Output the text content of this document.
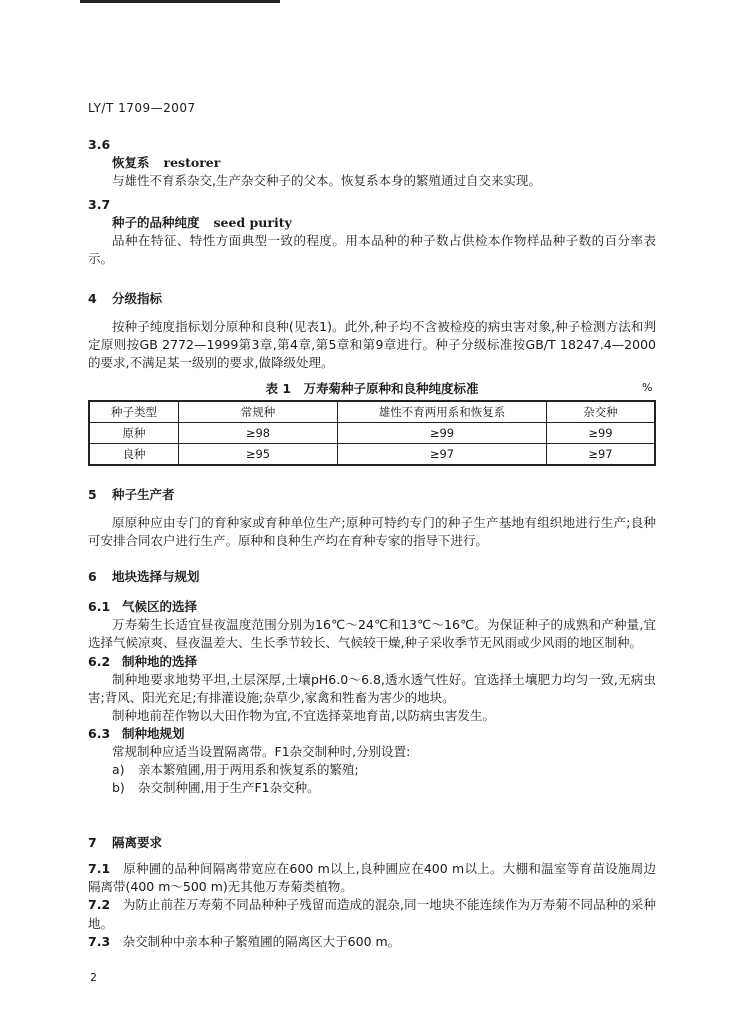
LY/T 1709—2007
3.6
恢复系 restorer

与雄性不育系杂交,生产杂交种子的父本。恢复系本身的繁殖通过自交来实现。

3.7
种子的品种纯度 seed purity

品种在特征、特性方面典型一致的程度。用本品种的种子数占供检本作物样品种子数的百分率表示。

4 分级指标

按种子纯度指标划分原种和良种(见表1)。此外,种子均不含被检疫的病虫害对象,种子检测方法和判定原则按GB 2772—1999第3章,第4章,第5章和第9章进行。种子分级标准按GB/T 18247.4—2000的要求,不满足某一级别的要求,做降级处理。

表 1　万寿菊种子原种和良种纯度标准	%
种子类型	常规种	雄性不育两用系和恢复系	杂交种
原种	≥98	≥99	≥99
良种	≥95	≥97	≥97
5 种子生产者

原原种应由专门的育种家或育种单位生产;原种可特约专门的种子生产基地有组织地进行生产;良种可安排合同农户进行生产。原种和良种生产均在育种专家的指导下进行。

6 地块选择与规划
6.1 气候区的选择

万寿菊生长适宜昼夜温度范围分别为16℃～24℃和13℃～16℃。为保证种子的成熟和产种量,宜选择气候凉爽、昼夜温差大、生长季节较长、气候较干燥,种子采收季节无风雨或少风雨的地区制种。

6.2 制种地的选择

制种地要求地势平坦,土层深厚,土壤pH6.0～6.8,透水透气性好。宜选择土壤肥力均匀一致,无病虫害;背风、阳光充足;有排灌设施;杂草少,家禽和牲畜为害少的地块。

制种地前茬作物以大田作物为宜,不宜选择菜地育苗,以防病虫害发生。

6.3 制种地规划

常规制种应适当设置隔离带。F1杂交制种时,分别设置:

a) 亲本繁殖圃,用于两用系和恢复系的繁殖;
b) 杂交制种圃,用于生产F1杂交种。
7 隔离要求

7.1　 原种圃的品种间隔离带宽应在600 m以上,良种圃应在400 m以上。大棚和温室等育苗设施周边隔离带(400 m～500 m)无其他万寿菊类植物。

7.2　 为防止前茬万寿菊不同品种种子残留而造成的混杂,同一地块不能连续作为万寿菊不同品种的采种地。

7.3　 杂交制种中亲本种子繁殖圃的隔离区大于600 m。

2
